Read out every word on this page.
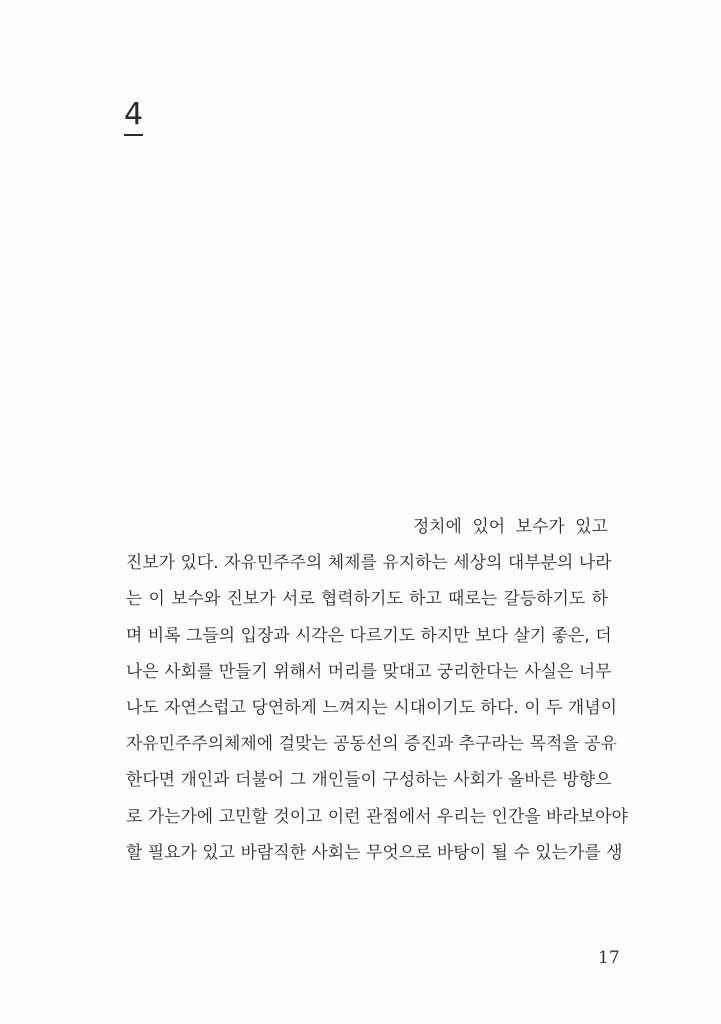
4
정치에 있어 보수가 있고
진보가 있다. 자유민주주의 체제를 유지하는 세상의 대부분의 나라
는 이 보수와 진보가 서로 협력하기도 하고 때로는 갈등하기도 하
며 비록 그들의 입장과 시각은 다르기도 하지만 보다 살기 좋은, 더
나은 사회를 만들기 위해서 머리를 맞대고 궁리한다는 사실은 너무
나도 자연스럽고 당연하게 느껴지는 시대이기도 하다. 이 두 개념이
자유민주주의체제에 걸맞는 공동선의 증진과 추구라는 목적을 공유
한다면 개인과 더불어 그 개인들이 구성하는 사회가 올바른 방향으
로 가는가에 고민할 것이고 이런 관점에서 우리는 인간을 바라보아야
할 필요가 있고 바람직한 사회는 무엇으로 바탕이 될 수 있는가를 생
17
